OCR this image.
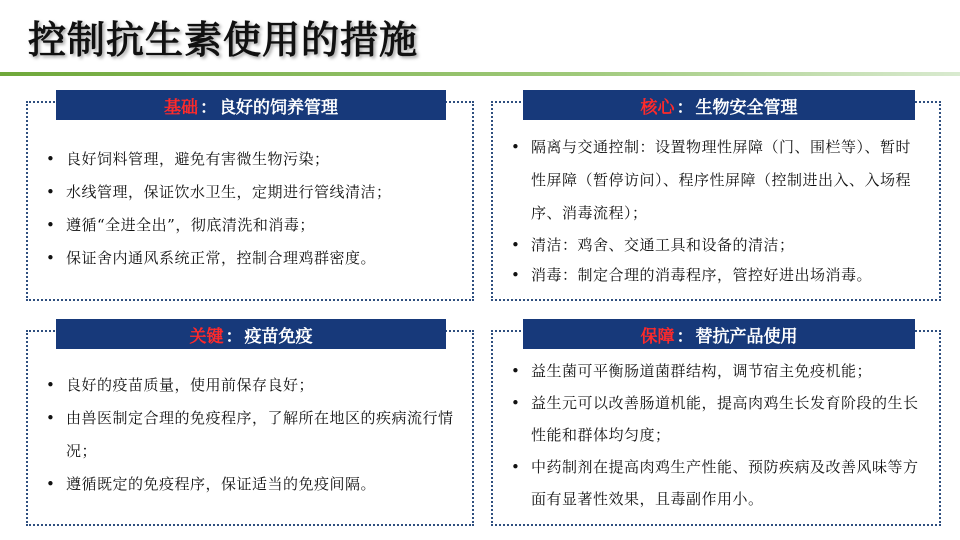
控制抗生素使用的措施
基础 ： 良好的饲养管理
• 良好饲料管理，避免有害微生物污染；
• 水线管理，保证饮水卫生，定期进行管线清洁；
• 遵循“全进全出”，彻底清洗和消毒；
• 保证舍内通风系统正常，控制合理鸡群密度。
核心 ： 生物安全管理
• 隔离与交通控制：设置物理性屏障（门、围栏等）、暂时性屏障（暂停访问）、程序性屏障（控制进出入、入场程序、消毒流程）；
• 清洁：鸡舍、交通工具和设备的清洁；
• 消毒：制定合理的消毒程序，管控好进出场消毒。
关键 ： 疫苗免疫
• 良好的疫苗质量，使用前保存良好；
• 由兽医制定合理的免疫程序，了解所在地区的疾病流行情况；
• 遵循既定的免疫程序，保证适当的免疫间隔。
保障 ： 替抗产品使用
• 益生菌可平衡肠道菌群结构，调节宿主免疫机能；
• 益生元可以改善肠道机能，提高肉鸡生长发育阶段的生长性能和群体均匀度；
• 中药制剂在提高肉鸡生产性能、预防疾病及改善风味等方面有显著性效果，且毒副作用小。
